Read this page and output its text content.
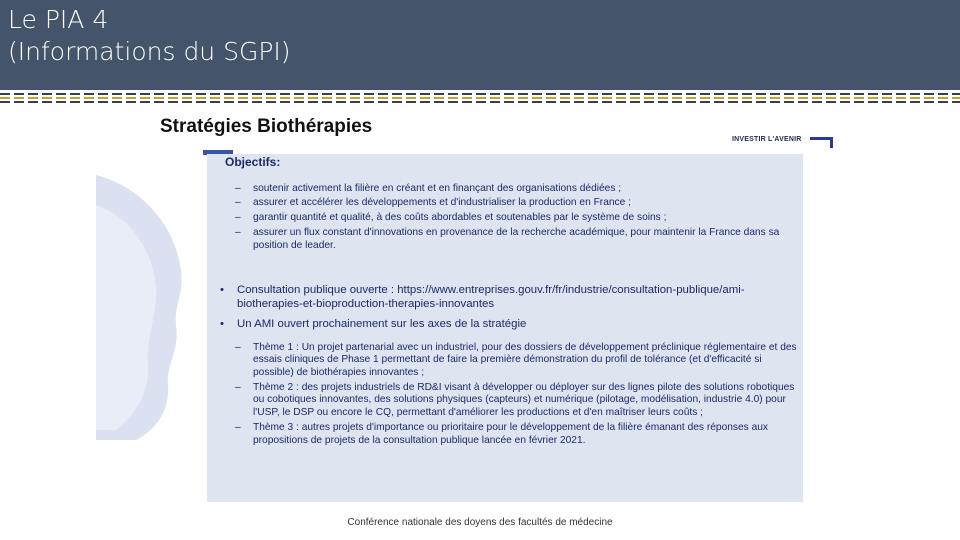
Le PIA 4
(Informations du SGPI)
Stratégies Biothérapies
INVESTIR L'AVENIR
Objectifs:
– soutenir activement la filière en créant et en finançant des organisations dédiées ;
– assurer et accélérer les développements et d'industrialiser la production en France ;
– garantir quantité et qualité, à des coûts abordables et soutenables par le système de soins ;
– assurer un flux constant d'innovations en provenance de la recherche académique, pour maintenir la France dans sa position de leader.
• Consultation publique ouverte : https://www.entreprises.gouv.fr/fr/industrie/consultation-publique/ami-biotherapies-et-bioproduction-therapies-innovantes
• Un AMI ouvert prochainement sur les axes de la stratégie
– Thème 1 : Un projet partenarial avec un industriel, pour des dossiers de développement préclinique réglementaire et des essais cliniques de Phase 1 permettant de faire la première démonstration du profil de tolérance (et d'efficacité si possible) de biothérapies innovantes ;
– Thème 2 : des projets industriels de RD&I visant à développer ou déployer sur des lignes pilote des solutions robotiques ou cobotiques innovantes, des solutions physiques (capteurs) et numérique (pilotage, modélisation, industrie 4.0) pour l'USP, le DSP ou encore le CQ, permettant d'améliorer les productions et d'en maîtriser leurs coûts ;
– Thème 3 : autres projets d'importance ou prioritaire pour le développement de la filière émanant des réponses aux propositions de projets de la consultation publique lancée en février 2021.
Conférence nationale des doyens des facultés de médecine
